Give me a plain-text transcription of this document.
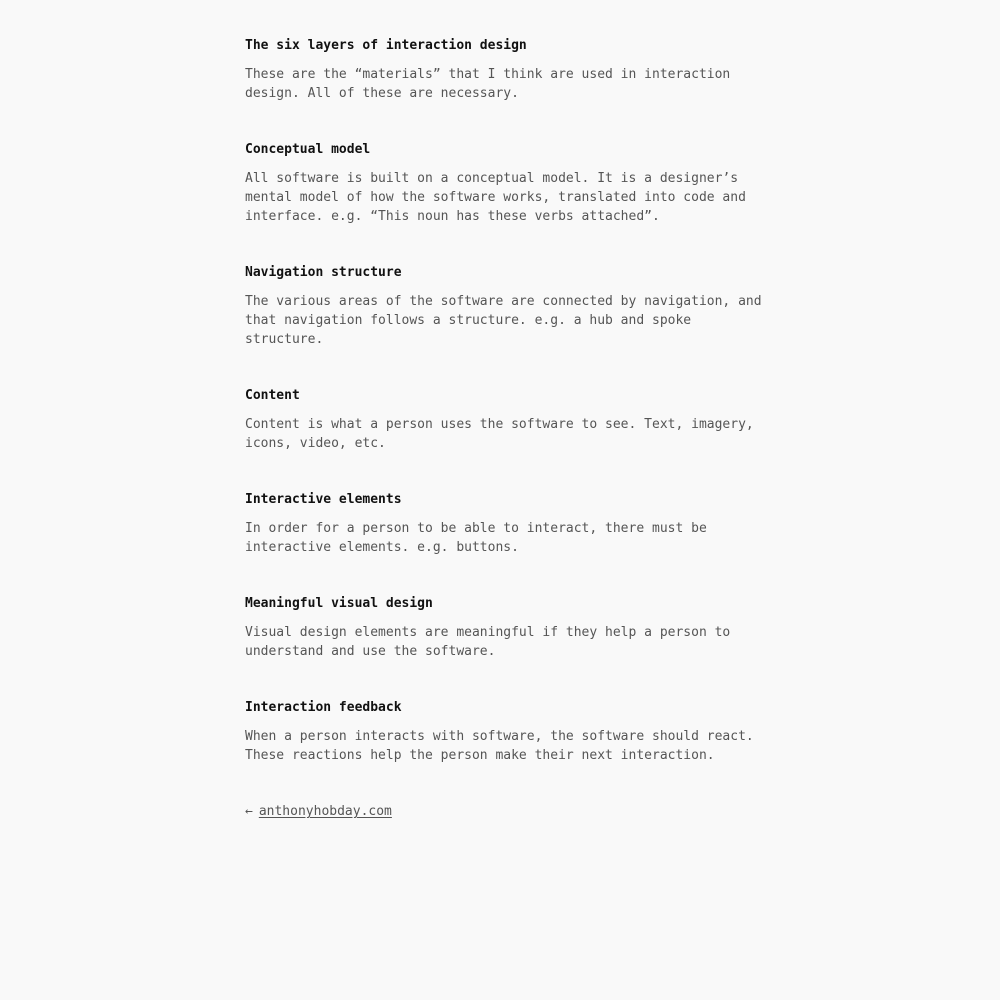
The six layers of interaction design

These are the “materials” that I think are used in interaction
design. All of these are necessary.

Conceptual model

All software is built on a conceptual model. It is a designer’s
mental model of how the software works, translated into code and
interface. e.g. “This noun has these verbs attached”.

Navigation structure

The various areas of the software are connected by navigation, and
that navigation follows a structure. e.g. a hub and spoke
structure.

Content

Content is what a person uses the software to see. Text, imagery,
icons, video, etc.

Interactive elements

In order for a person to be able to interact, there must be
interactive elements. e.g. buttons.

Meaningful visual design

Visual design elements are meaningful if they help a person to
understand and use the software.

Interaction feedback

When a person interacts with software, the software should react.
These reactions help the person make their next interaction.

← anthonyhobday.com
